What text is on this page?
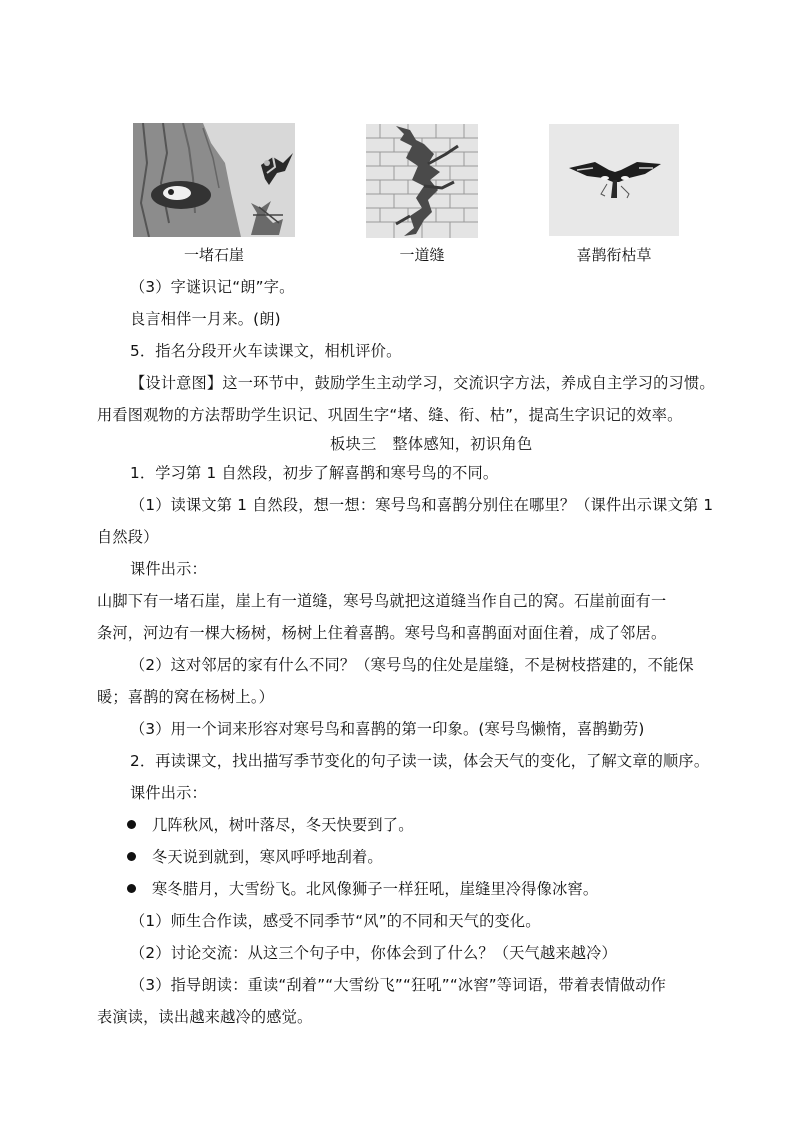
一堵石崖	一道缝	喜鹊衔枯草
（3）字谜识记“朗”字。
良言相伴一月来。(朗)
5．指名分段开火车读课文，相机评价。
【设计意图】这一环节中，鼓励学生主动学习，交流识字方法，养成自主学习的习惯。
用看图观物的方法帮助学生识记、巩固生字“堵、缝、衔、枯”，提高生字识记的效率。
板块三　整体感知，初识角色
1．学习第 1 自然段，初步了解喜鹊和寒号鸟的不同。
（1）读课文第 1 自然段，想一想：寒号鸟和喜鹊分别住在哪里？（课件出示课文第 1
自然段）
课件出示：
山脚下有一堵石崖，崖上有一道缝，寒号鸟就把这道缝当作自己的窝。石崖前面有一
条河，河边有一棵大杨树，杨树上住着喜鹊。寒号鸟和喜鹊面对面住着，成了邻居。
（2）这对邻居的家有什么不同？（寒号鸟的住处是崖缝，不是树枝搭建的，不能保
暖；喜鹊的窝在杨树上。）
（3）用一个词来形容对寒号鸟和喜鹊的第一印象。(寒号鸟懒惰，喜鹊勤劳)
2．再读课文，找出描写季节变化的句子读一读，体会天气的变化，了解文章的顺序。
课件出示：
几阵秋风，树叶落尽，冬天快要到了。
冬天说到就到，寒风呼呼地刮着。
寒冬腊月，大雪纷飞。北风像狮子一样狂吼，崖缝里冷得像冰窖。
（1）师生合作读，感受不同季节“风”的不同和天气的变化。
（2）讨论交流：从这三个句子中，你体会到了什么？（天气越来越冷）
（3）指导朗读：重读“刮着”“大雪纷飞”“狂吼”“冰窖”等词语，带着表情做动作
表演读，读出越来越冷的感觉。
